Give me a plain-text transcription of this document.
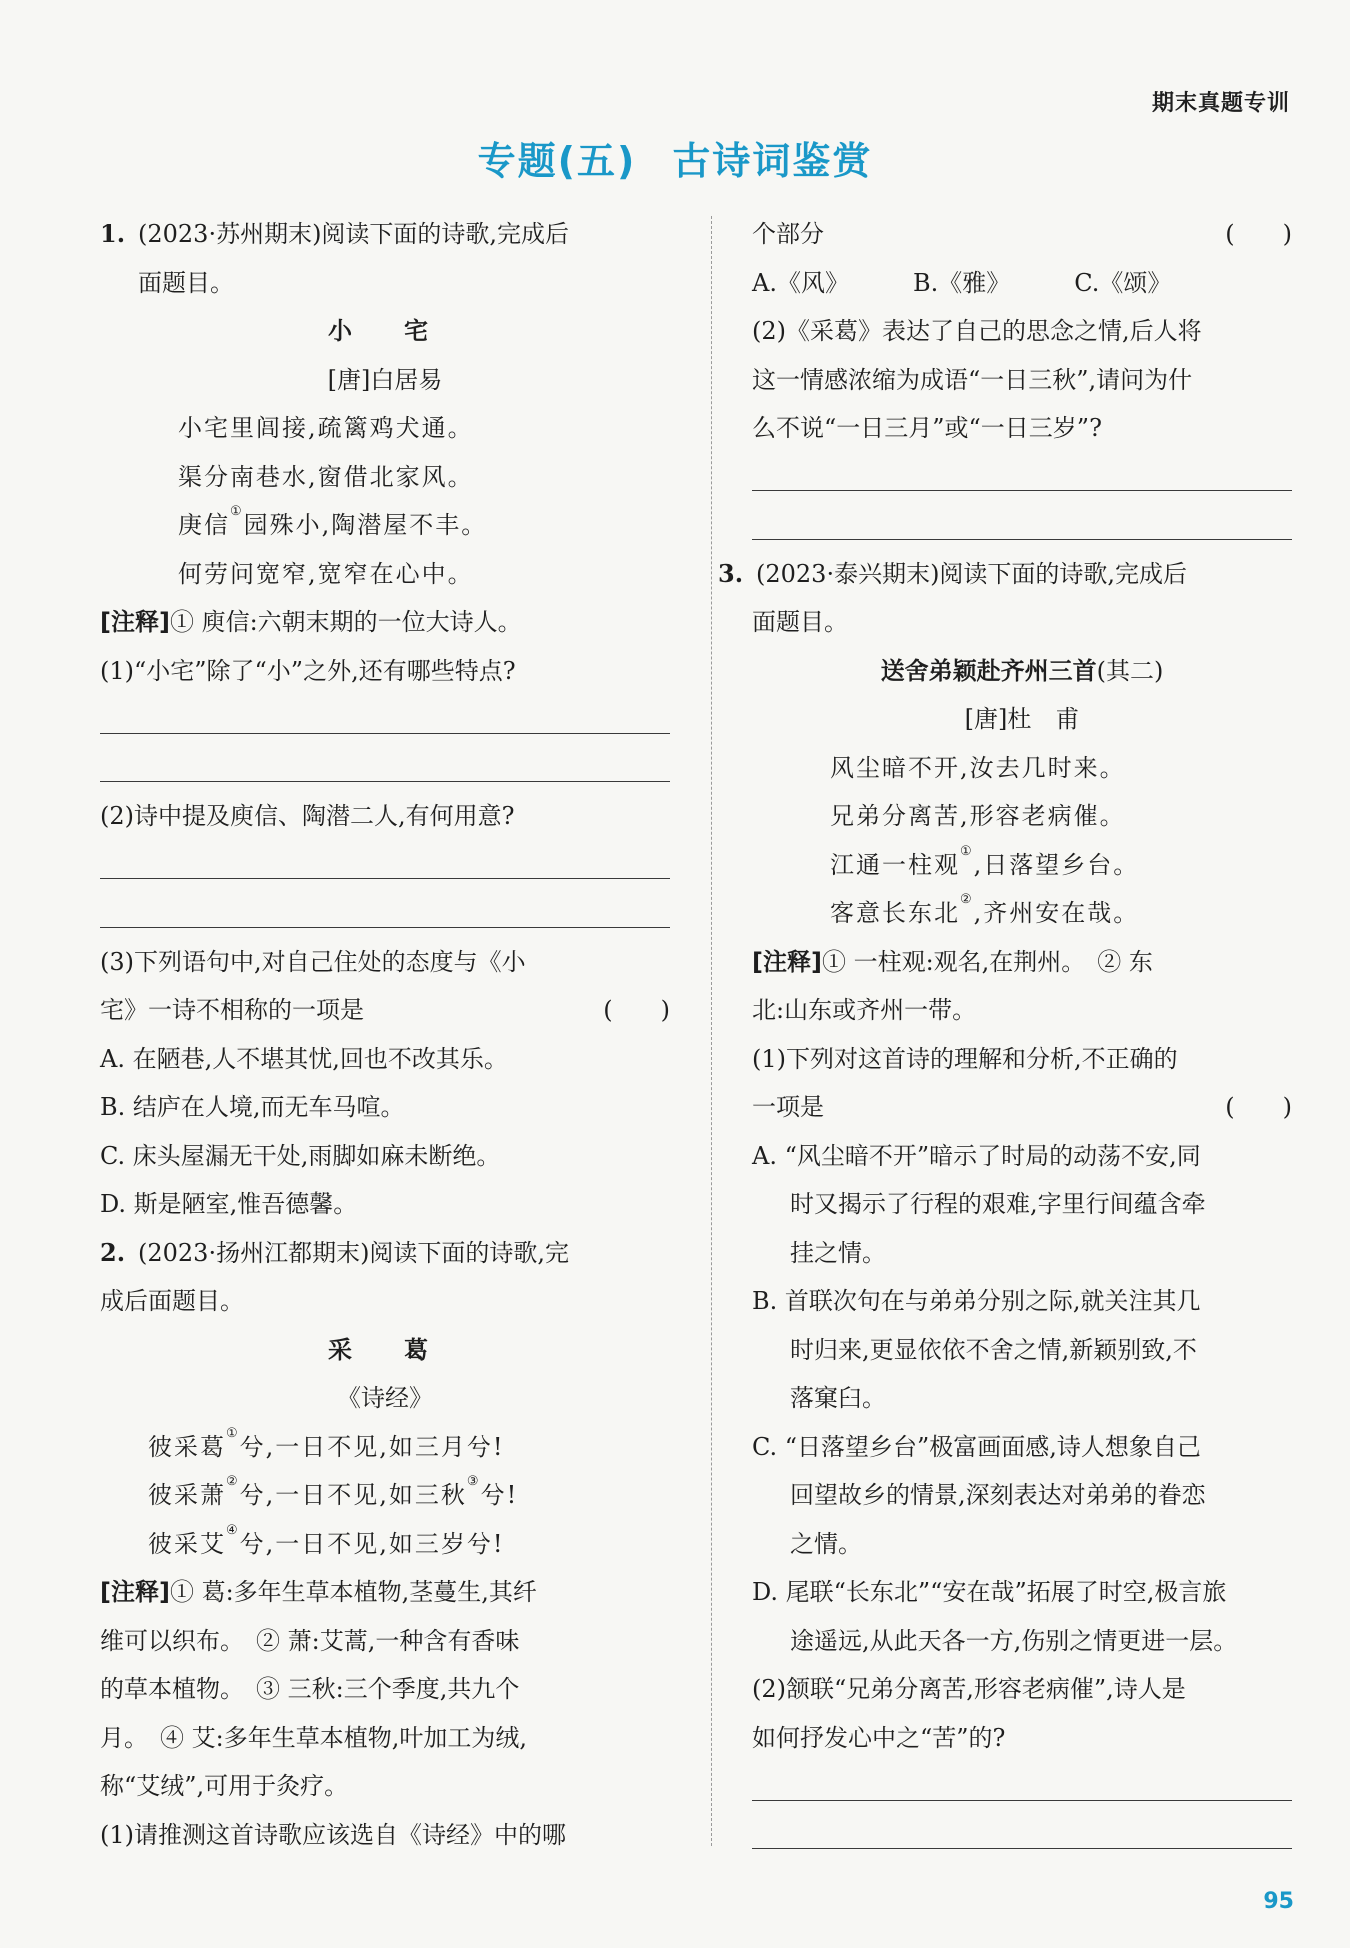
期末真题专训
专题(五) 古诗词鉴赏
1. (2023·苏州期末)阅读下面的诗歌,完成后
面题目。
小　宅
[唐]白居易
小宅里闾接,疏篱鸡犬通。
渠分南巷水,窗借北家风。
庚信①园殊小,陶潜屋不丰。
何劳问宽窄,宽窄在心中。
[注释]① 庾信:六朝末期的一位大诗人。
(1)“小宅”除了“小”之外,还有哪些特点?
(2)诗中提及庾信、陶潜二人,有何用意?
(3)下列语句中,对自己住处的态度与《小
宅》一诗不相称的一项是	(　　)
A. 在陋巷,人不堪其忧,回也不改其乐。
B. 结庐在人境,而无车马喧。
C. 床头屋漏无干处,雨脚如麻未断绝。
D. 斯是陋室,惟吾德馨。
2. (2023·扬州江都期末)阅读下面的诗歌,完
成后面题目。
采　葛
《诗经》
彼采葛①兮,一日不见,如三月兮!
彼采萧②兮,一日不见,如三秋③兮!
彼采艾④兮,一日不见,如三岁兮!
[注释]① 葛:多年生草本植物,茎蔓生,其纤
维可以织布。　② 萧:艾蒿,一种含有香味
的草本植物。　③ 三秋:三个季度,共九个
月。　④ 艾:多年生草本植物,叶加工为绒,
称“艾绒”,可用于灸疗。
(1)请推测这首诗歌应该选自《诗经》中的哪
个部分	(　　)
A.《风》	B.《雅》	C.《颂》
(2)《采葛》表达了自己的思念之情,后人将
这一情感浓缩为成语“一日三秋”,请问为什
么不说“一日三月”或“一日三岁”?
3. (2023·泰兴期末)阅读下面的诗歌,完成后
面题目。
送舍弟颖赴齐州三首(其二)
[唐]杜　甫
风尘暗不开,汝去几时来。
兄弟分离苦,形容老病催。
江通一柱观①,日落望乡台。
客意长东北②,齐州安在哉。
[注释]① 一柱观:观名,在荆州。　② 东
北:山东或齐州一带。
(1)下列对这首诗的理解和分析,不正确的
一项是	(　　)
A. “风尘暗不开”暗示了时局的动荡不安,同
时又揭示了行程的艰难,字里行间蕴含牵
挂之情。
B. 首联次句在与弟弟分别之际,就关注其几
时归来,更显依依不舍之情,新颖别致,不
落窠臼。
C. “日落望乡台”极富画面感,诗人想象自己
回望故乡的情景,深刻表达对弟弟的眷恋
之情。
D. 尾联“长东北”“安在哉”拓展了时空,极言旅
途遥远,从此天各一方,伤别之情更进一层。
(2)颔联“兄弟分离苦,形容老病催”,诗人是
如何抒发心中之“苦”的?
95
